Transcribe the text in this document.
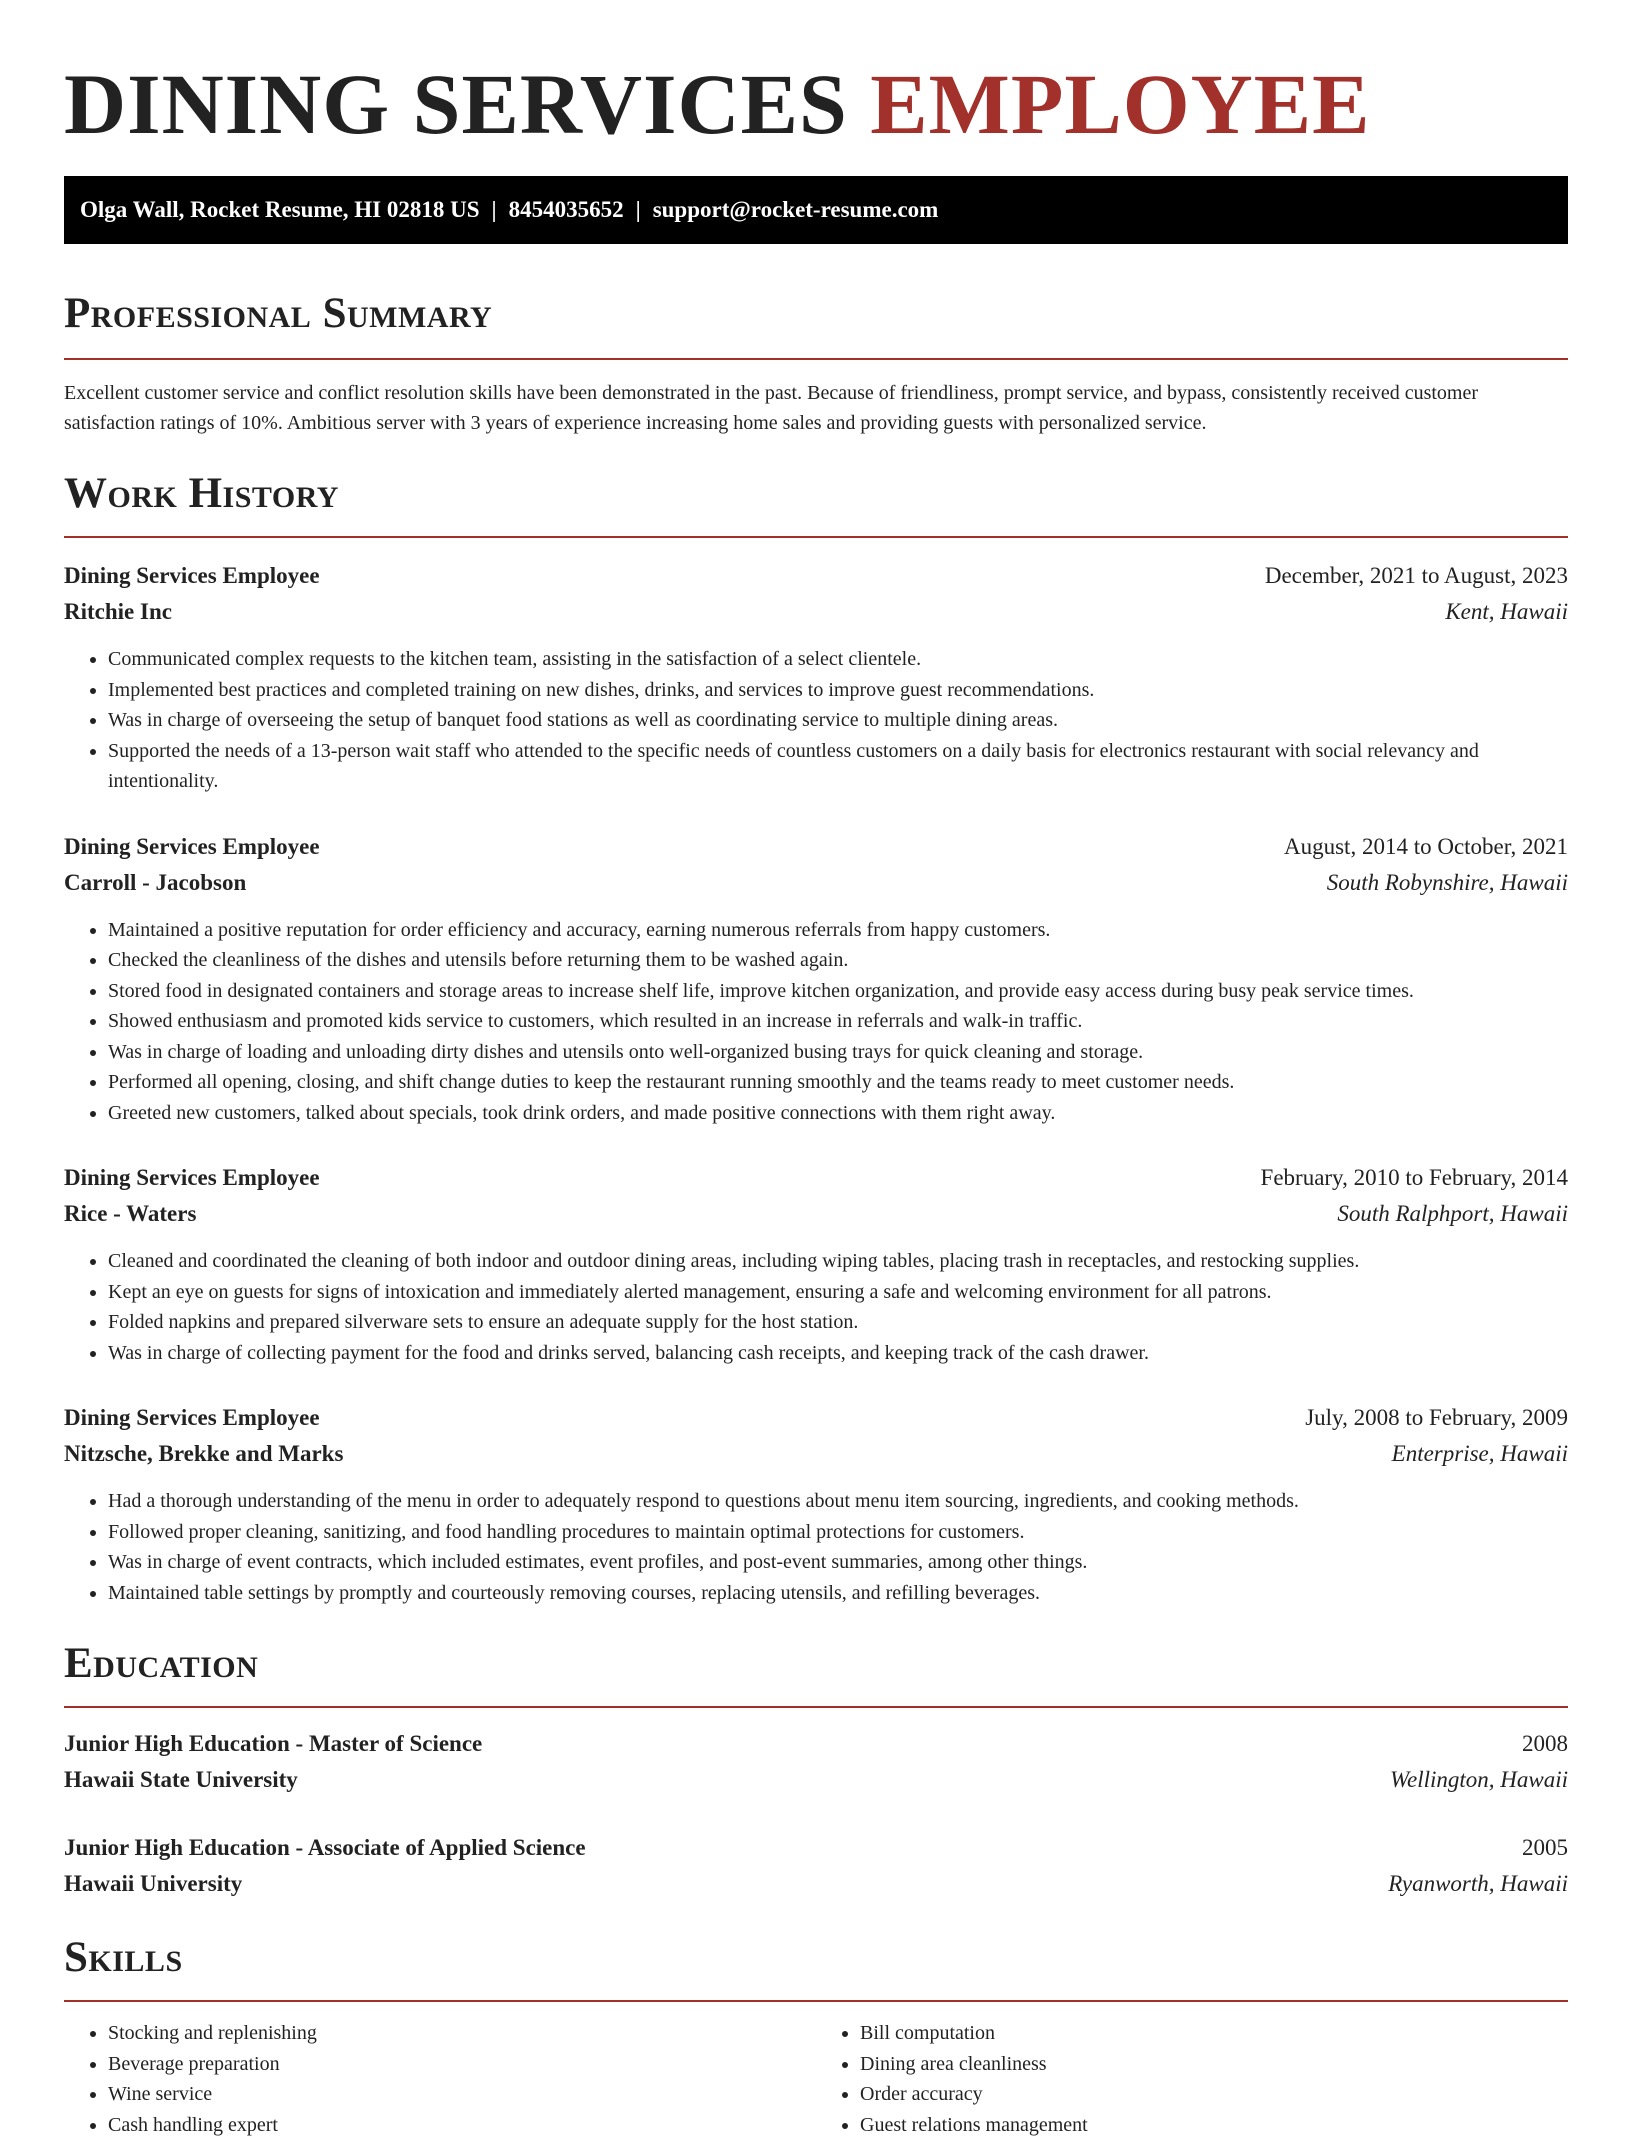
DINING SERVICES EMPLOYEE
Olga Wall, Rocket Resume, HI 02818 US | 8454035652 | support@rocket-resume.com
Professional Summary
Excellent customer service and conflict resolution skills have been demonstrated in the past. Because of friendliness, prompt service, and bypass, consistently received customer satisfaction ratings of 10%. Ambitious server with 3 years of experience increasing home sales and providing guests with personalized service.
Work History
Dining Services Employee	December, 2021 to August, 2023
Ritchie Inc	Kent, Hawaii
• Communicated complex requests to the kitchen team, assisting in the satisfaction of a select clientele.
• Implemented best practices and completed training on new dishes, drinks, and services to improve guest recommendations.
• Was in charge of overseeing the setup of banquet food stations as well as coordinating service to multiple dining areas.
• Supported the needs of a 13-person wait staff who attended to the specific needs of countless customers on a daily basis for electronics restaurant with social relevancy and intentionality.
Dining Services Employee	August, 2014 to October, 2021
Carroll - Jacobson	South Robynshire, Hawaii
• Maintained a positive reputation for order efficiency and accuracy, earning numerous referrals from happy customers.
• Checked the cleanliness of the dishes and utensils before returning them to be washed again.
• Stored food in designated containers and storage areas to increase shelf life, improve kitchen organization, and provide easy access during busy peak service times.
• Showed enthusiasm and promoted kids service to customers, which resulted in an increase in referrals and walk-in traffic.
• Was in charge of loading and unloading dirty dishes and utensils onto well-organized busing trays for quick cleaning and storage.
• Performed all opening, closing, and shift change duties to keep the restaurant running smoothly and the teams ready to meet customer needs.
• Greeted new customers, talked about specials, took drink orders, and made positive connections with them right away.
Dining Services Employee	February, 2010 to February, 2014
Rice - Waters	South Ralphport, Hawaii
• Cleaned and coordinated the cleaning of both indoor and outdoor dining areas, including wiping tables, placing trash in receptacles, and restocking supplies.
• Kept an eye on guests for signs of intoxication and immediately alerted management, ensuring a safe and welcoming environment for all patrons.
• Folded napkins and prepared silverware sets to ensure an adequate supply for the host station.
• Was in charge of collecting payment for the food and drinks served, balancing cash receipts, and keeping track of the cash drawer.
Dining Services Employee	July, 2008 to February, 2009
Nitzsche, Brekke and Marks	Enterprise, Hawaii
• Had a thorough understanding of the menu in order to adequately respond to questions about menu item sourcing, ingredients, and cooking methods.
• Followed proper cleaning, sanitizing, and food handling procedures to maintain optimal protections for customers.
• Was in charge of event contracts, which included estimates, event profiles, and post-event summaries, among other things.
• Maintained table settings by promptly and courteously removing courses, replacing utensils, and refilling beverages.
Education
Junior High Education - Master of Science	2008
Hawaii State University	Wellington, Hawaii
Junior High Education - Associate of Applied Science	2005
Hawaii University	Ryanworth, Hawaii
Skills
• Stocking and replenishing
• Beverage preparation
• Wine service
• Cash handling expert
• Bill computation
• Dining area cleanliness
• Order accuracy
• Guest relations management
